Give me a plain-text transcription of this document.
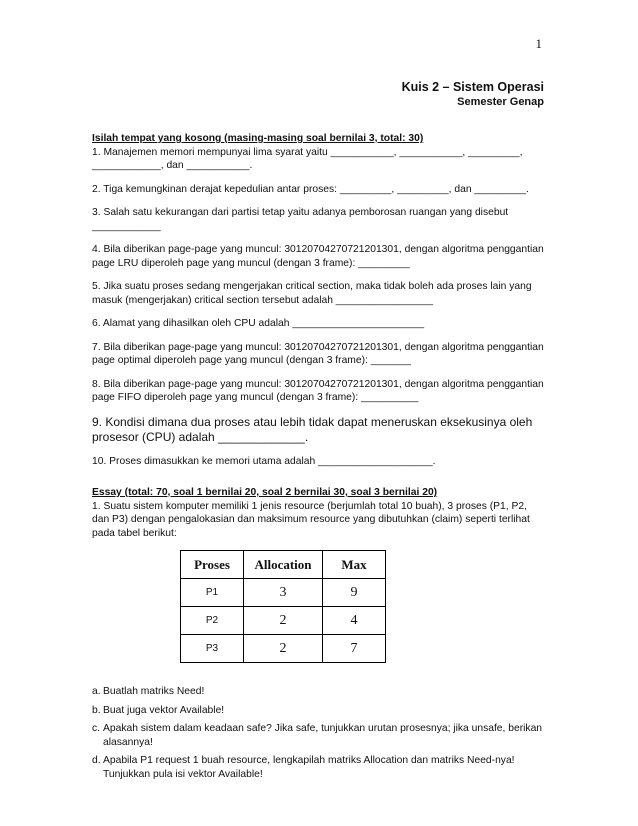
1
Kuis 2 – Sistem Operasi
Semester Genap
Isilah tempat yang kosong (masing-masing soal bernilai 3, total: 30)
1. Manajemen memori mempunyai lima syarat yaitu ___________, ___________, _________, ____________, dan ___________.
2. Tiga kemungkinan derajat kepedulian antar proses: _________, _________, dan _________.
3. Salah satu kekurangan dari partisi tetap yaitu adanya pemborosan ruangan yang disebut ____________
4. Bila diberikan page-page yang muncul: 30120704270721201301, dengan algoritma penggantian page LRU diperoleh page yang muncul (dengan 3 frame): _________
5. Jika suatu proses sedang mengerjakan critical section, maka tidak boleh ada proses lain yang masuk (mengerjakan) critical section tersebut adalah _________________
6. Alamat yang dihasilkan oleh CPU adalah _______________________
7. Bila diberikan page-page yang muncul: 30120704270721201301, dengan algoritma penggantian page optimal diperoleh page yang muncul (dengan 3 frame): _______
8. Bila diberikan page-page yang muncul: 30120704270721201301, dengan algoritma penggantian page FIFO diperoleh page yang muncul (dengan 3 frame): __________
9. Kondisi dimana dua proses atau lebih tidak dapat meneruskan eksekusinya oleh prosesor (CPU) adalah _____________.
10. Proses dimasukkan ke memori utama adalah ____________________.
Essay (total: 70, soal 1 bernilai 20, soal 2 bernilai 30, soal 3 bernilai 20)
1. Suatu sistem komputer memiliki 1 jenis resource (berjumlah total 10 buah), 3 proses (P1, P2, dan P3) dengan pengalokasian dan maksimum resource yang dibutuhkan (claim) seperti terlihat pada tabel berikut:
Proses	Allocation	Max
P1	3	9
P2	2	4
P3	2	7
a. Buatlah matriks Need!
b. Buat juga vektor Available!
c. Apakah sistem dalam keadaan safe? Jika safe, tunjukkan urutan prosesnya; jika unsafe, berikan alasannya!
d. Apabila P1 request 1 buah resource, lengkapilah matriks Allocation dan matriks Need-nya! Tunjukkan pula isi vektor Available!
